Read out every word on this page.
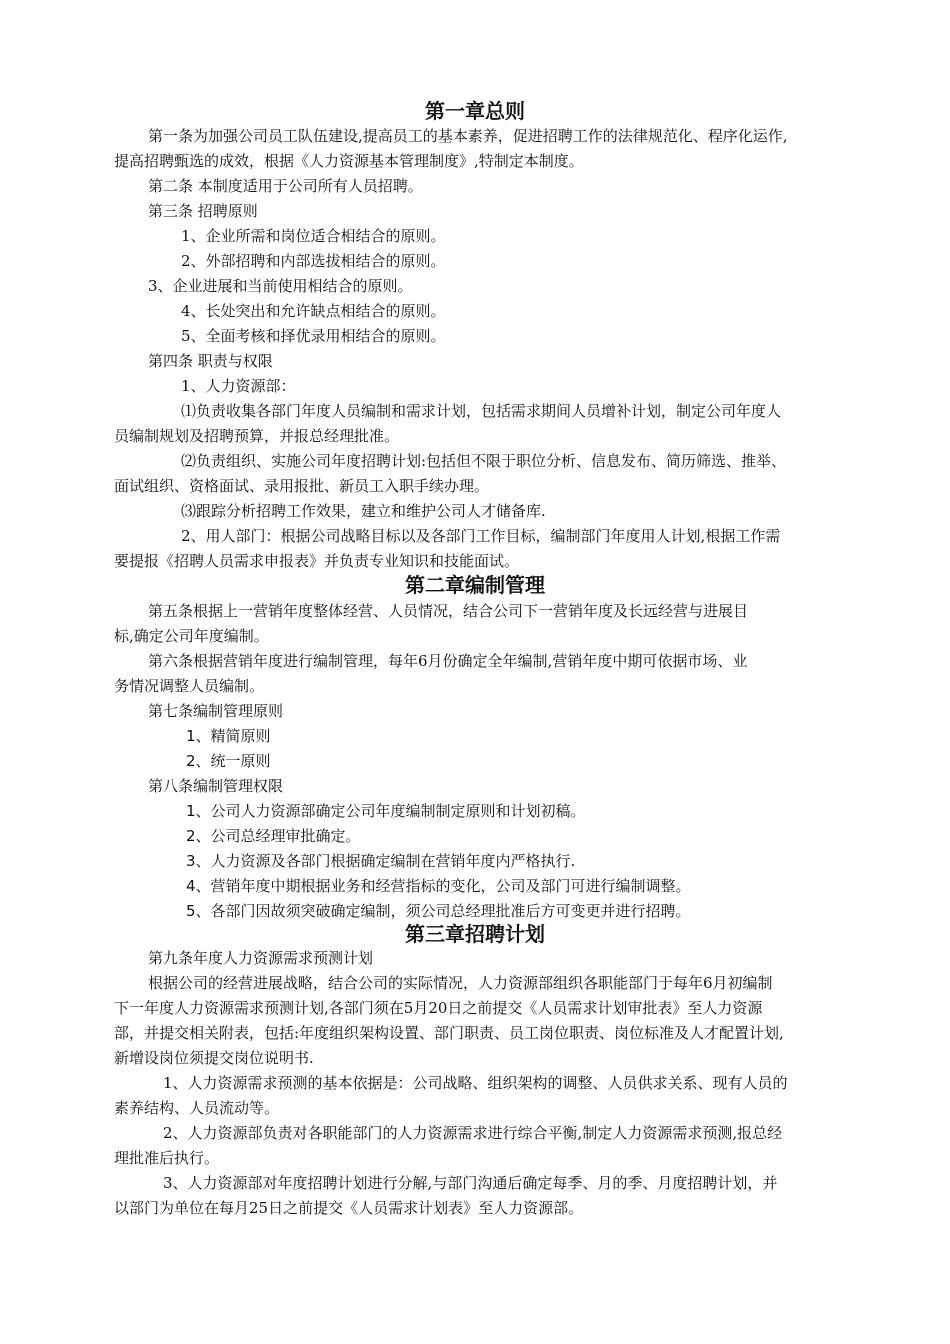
第一章总则
第一条为加强公司员工队伍建设,提高员工的基本素养，促进招聘工作的法律规范化、程序化运作,
提高招聘甄选的成效，根据《人力资源基本管理制度》,特制定本制度。
第二条 本制度适用于公司所有人员招聘。
第三条 招聘原则
1、企业所需和岗位适合相结合的原则。
2、外部招聘和内部选拔相结合的原则。
3、企业进展和当前使用相结合的原则。
4、长处突出和允许缺点相结合的原则。
5、全面考核和择优录用相结合的原则。
第四条 职责与权限
1、人力资源部：
⑴负责收集各部门年度人员编制和需求计划，包括需求期间人员增补计划，制定公司年度人
员编制规划及招聘预算，并报总经理批准。
⑵负责组织、实施公司年度招聘计划:包括但不限于职位分析、信息发布、简历筛选、推举、
面试组织、资格面试、录用报批、新员工入职手续办理。
⑶跟踪分析招聘工作效果，建立和维护公司人才储备库.
2、用人部门：根据公司战略目标以及各部门工作目标，编制部门年度用人计划,根据工作需
要提报《招聘人员需求申报表》并负责专业知识和技能面试。
第二章编制管理
第五条根据上一营销年度整体经营、人员情况，结合公司下一营销年度及长远经营与进展目
标,确定公司年度编制。
第六条根据营销年度进行编制管理，每年6月份确定全年编制,营销年度中期可依据市场、业
务情况调整人员编制。
第七条编制管理原则
1、精简原则
2、统一原则
第八条编制管理权限
1、公司人力资源部确定公司年度编制制定原则和计划初稿。
2、公司总经理审批确定。
3、人力资源及各部门根据确定编制在营销年度内严格执行.
4、营销年度中期根据业务和经营指标的变化，公司及部门可进行编制调整。
5、各部门因故须突破确定编制，须公司总经理批准后方可变更并进行招聘。
第三章招聘计划
第九条年度人力资源需求预测计划
根据公司的经营进展战略，结合公司的实际情况，人力资源部组织各职能部门于每年6月初编制
下一年度人力资源需求预测计划,各部门须在5月20日之前提交《人员需求计划审批表》至人力资源
部，并提交相关附表，包括:年度组织架构设置、部门职责、员工岗位职责、岗位标准及人才配置计划,
新增设岗位须提交岗位说明书.
1、人力资源需求预测的基本依据是：公司战略、组织架构的调整、人员供求关系、现有人员的
素养结构、人员流动等。
2、人力资源部负责对各职能部门的人力资源需求进行综合平衡,制定人力资源需求预测,报总经
理批准后执行。
3、人力资源部对年度招聘计划进行分解,与部门沟通后确定每季、月的季、月度招聘计划，并
以部门为单位在每月25日之前提交《人员需求计划表》至人力资源部。
